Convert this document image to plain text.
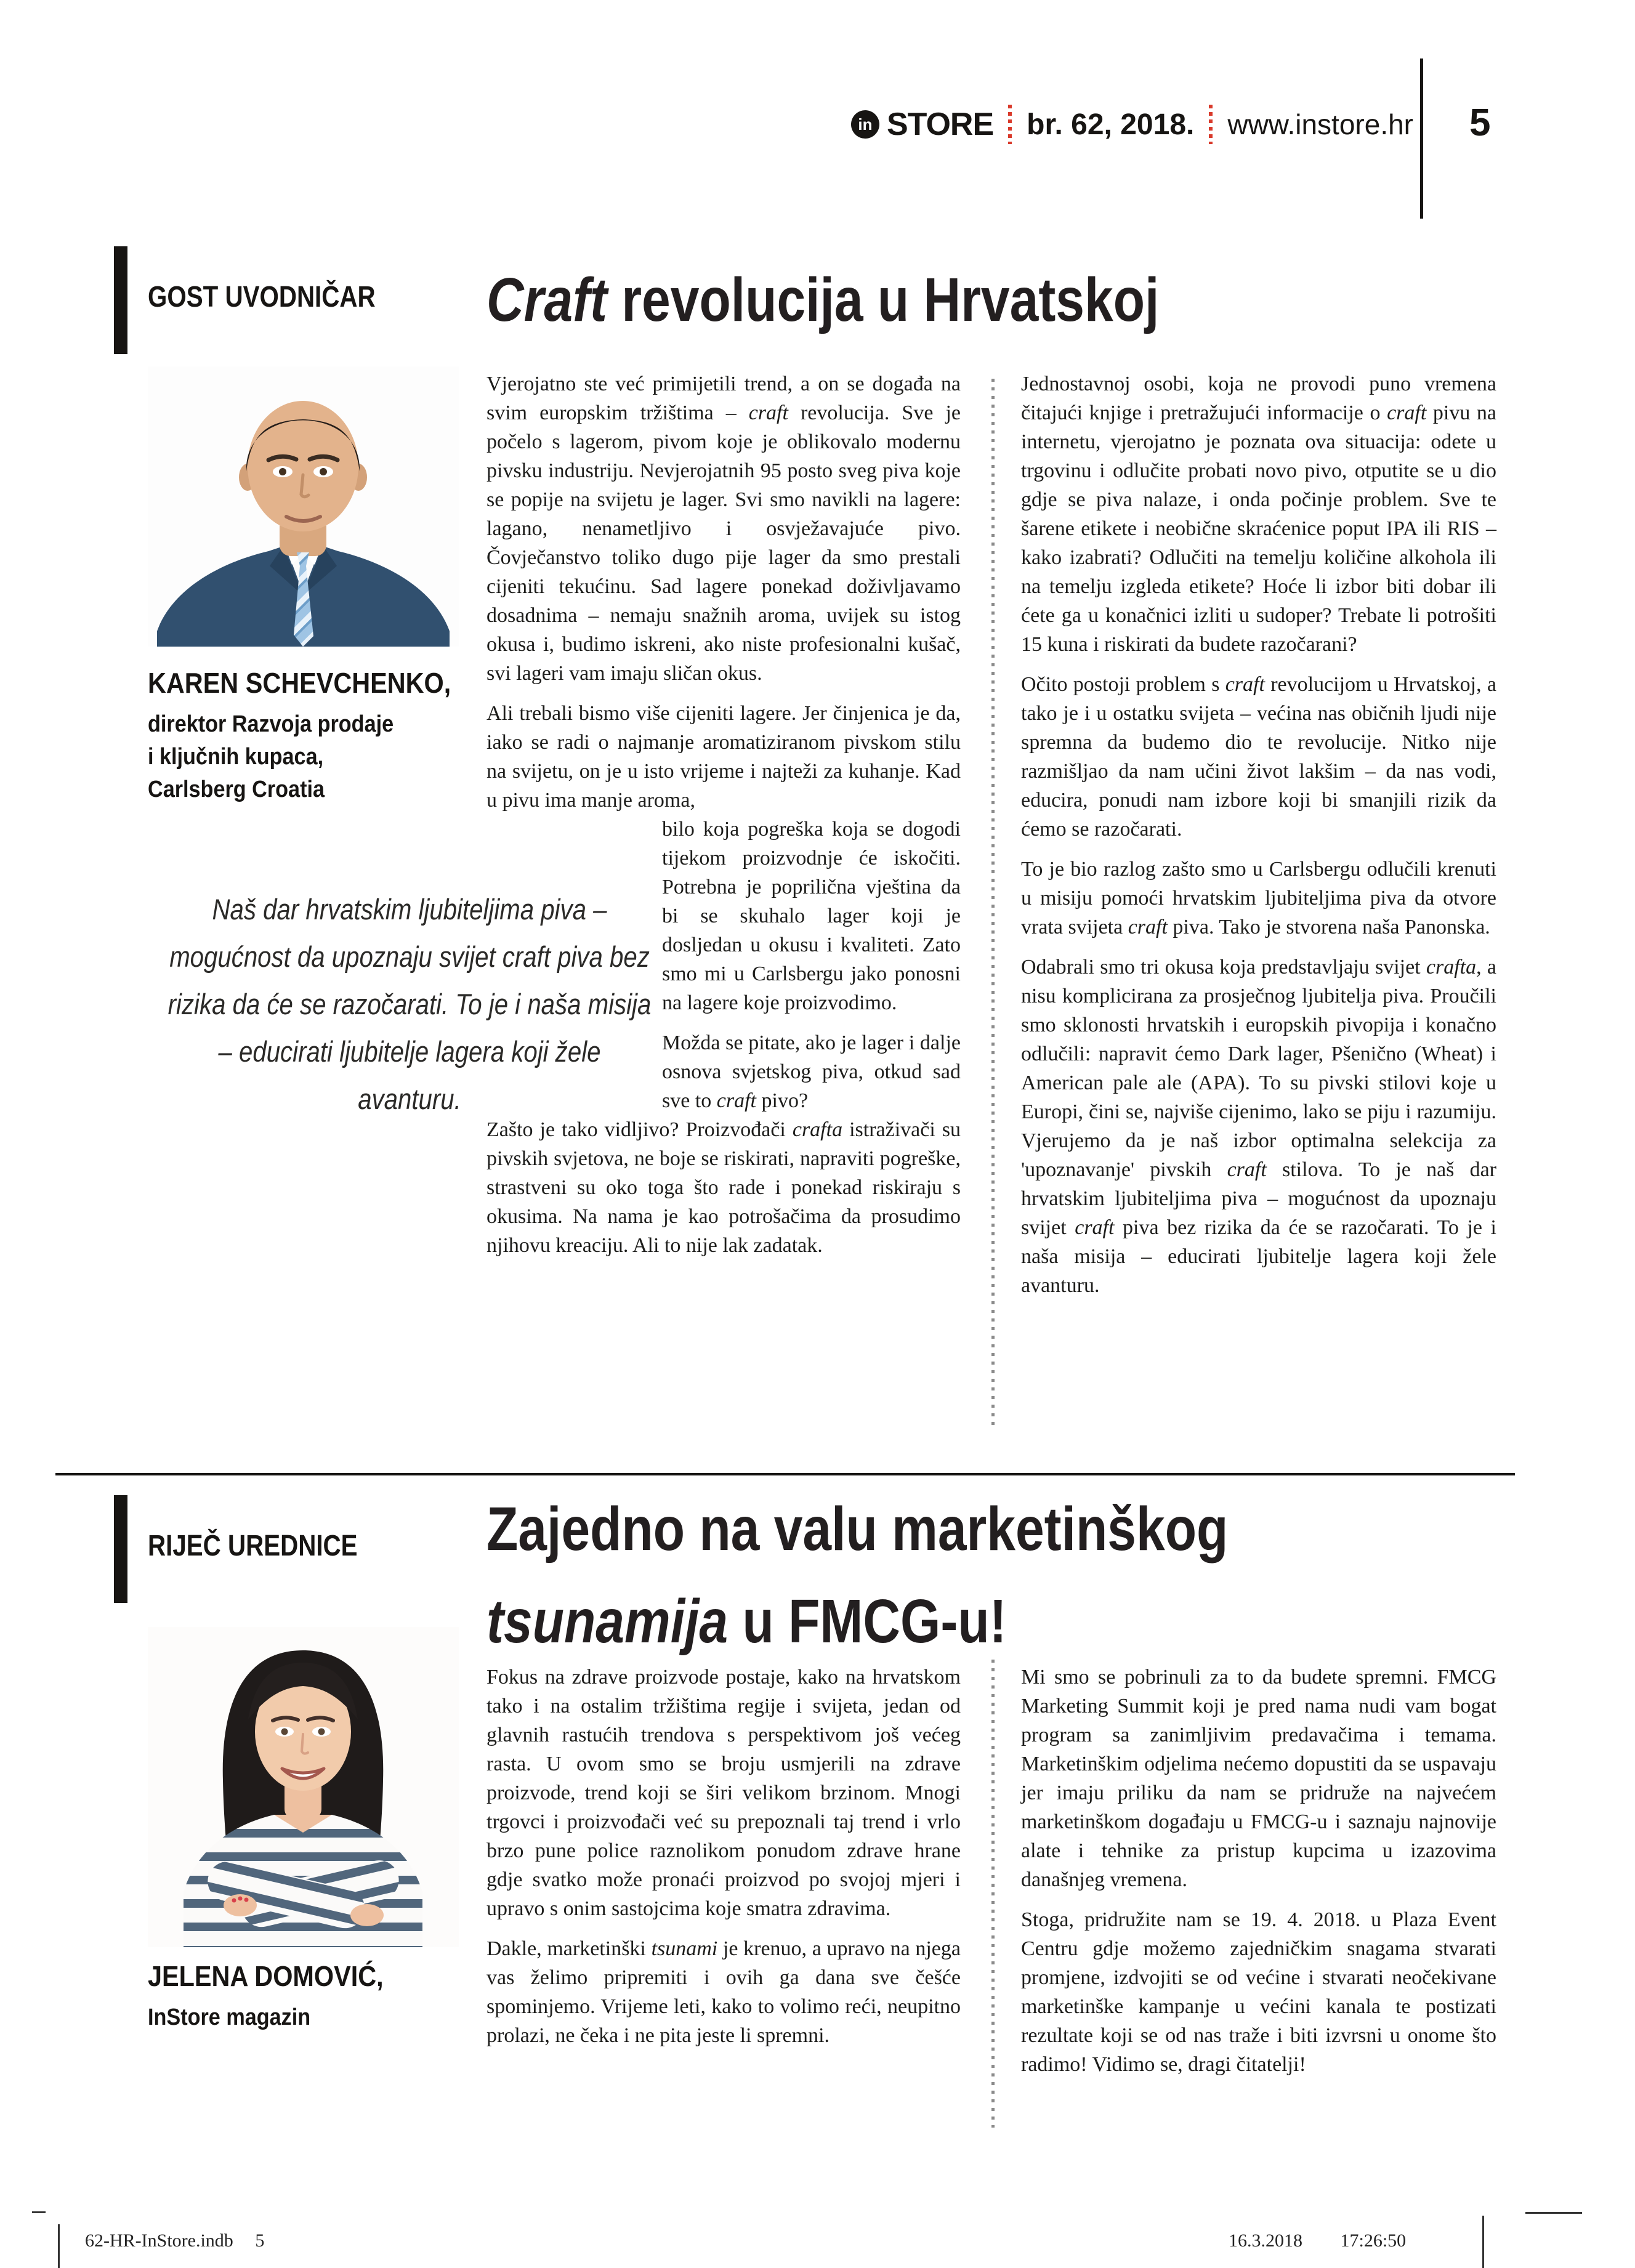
in STORE br. 62, 2018. www.instore.hr 5
GOST UVODNIČAR	Craft revolucija u Hrvatskoj
KAREN SCHEVCHENKO,
direktor Razvoja prodaje
i ključnih kupaca,
Carlsberg Croatia
Naš dar hrvatskim ljubiteljima piva – mogućnost da upoznaju svijet craft piva bez rizika da će se razočarati. To je i naša misija – educirati ljubitelje lagera koji žele avanturu.

Vjerojatno ste već primijetili trend, a on se događa na svim europskim tržištima – craft revolucija. Sve je počelo s lagerom, pivom koje je oblikovalo modernu pivsku industriju. Nevjerojatnih 95 posto sveg piva koje se popije na svijetu je lager. Svi smo navikli na lagere: lagano, nenametljivo i osvježavajuće pivo. Čovječanstvo toliko dugo pije lager da smo prestali cijeniti tekućinu. Sad lagere ponekad doživljavamo dosadnima – nemaju snažnih aroma, uvijek su istog okusa i, budimo iskreni, ako niste profesionalni kušač, svi lageri vam imaju sličan okus.

Ali trebali bismo više cijeniti lagere. Jer činjenica je da, iako se radi o najmanje aromatiziranom pivskom stilu na svijetu, on je u isto vrijeme i najteži za kuhanje. Kad u pivu ima manje aroma,

bilo koja pogreška koja se dogodi tijekom proizvodnje će iskočiti. Potrebna je poprilična vještina da bi se skuhalo lager koji je dosljedan u okusu i kvaliteti. Zato smo mi u Carlsbergu jako ponosni na lagere koje proizvodimo.

Možda se pitate, ako je lager i dalje osnova svjetskog piva, otkud sad sve to craft pivo?

Zašto je tako vidljivo? Proizvođači crafta istraživači su pivskih svjetova, ne boje se riskirati, napraviti pogreške, strastveni su oko toga što rade i ponekad riskiraju s okusima. Na nama je kao potrošačima da prosudimo njihovu kreaciju. Ali to nije lak zadatak.

Jednostavnoj osobi, koja ne provodi puno vremena čitajući knjige i pretražujući informacije o craft pivu na internetu, vjerojatno je poznata ova situacija: odete u trgovinu i odlučite probati novo pivo, otputite se u dio gdje se piva nalaze, i onda počinje problem. Sve te šarene etikete i neobične skraćenice poput IPA ili RIS – kako izabrati? Odlučiti na temelju količine alkohola ili na temelju izgleda etikete? Hoće li izbor biti dobar ili ćete ga u konačnici izliti u sudoper? Trebate li potrošiti 15 kuna i riskirati da budete razočarani?

Očito postoji problem s craft revolucijom u Hrvatskoj, a tako je i u ostatku svijeta – većina nas običnih ljudi nije spremna da budemo dio te revolucije. Nitko nije razmišljao da nam učini život lakšim – da nas vodi, educira, ponudi nam izbore koji bi smanjili rizik da ćemo se razočarati.

To je bio razlog zašto smo u Carlsbergu odlučili krenuti u misiju pomoći hrvatskim ljubiteljima piva da otvore vrata svijeta craft piva. Tako je stvorena naša Panonska.

Odabrali smo tri okusa koja predstavljaju svijet crafta, a nisu komplicirana za prosječnog ljubitelja piva. Proučili smo sklonosti hrvatskih i europskih pivopija i konačno odlučili: napravit ćemo Dark lager, Pšenično (Wheat) i American pale ale (APA). To su pivski stilovi koje u Europi, čini se, najviše cijenimo, lako se piju i razumiju. Vjerujemo da je naš izbor optimalna selekcija za 'upoznavanje' pivskih craft stilova. To je naš dar hrvatskim ljubiteljima piva – mogućnost da upoznaju svijet craft piva bez rizika da će se razočarati. To je i naša misija – educirati ljubitelje lagera koji žele avanturu.

RIJEČ UREDNICE	Zajedno na valu marketinškog
tsunamija u FMCG-u!
JELENA DOMOVIĆ,
InStore magazin

Fokus na zdrave proizvode postaje, kako na hrvatskom tako i na ostalim tržištima regije i svijeta, jedan od glavnih rastućih trendova s perspektivom još većeg rasta. U ovom smo se broju usmjerili na zdrave proizvode, trend koji se širi velikom brzinom. Mnogi trgovci i proizvođači već su prepoznali taj trend i vrlo brzo pune police raznolikom ponudom zdrave hrane gdje svatko može pronaći proizvod po svojoj mjeri i upravo s onim sastojcima koje smatra zdravima.

Dakle, marketinški tsunami je krenuo, a upravo na njega vas želimo pripremiti i ovih ga dana sve češće spominjemo. Vrijeme leti, kako to volimo reći, neupitno prolazi, ne čeka i ne pita jeste li spremni.

Mi smo se pobrinuli za to da budete spremni. FMCG Marketing Summit koji je pred nama nudi vam bogat program sa zanimljivim predavačima i temama. Marketinškim odjelima nećemo dopustiti da se uspavaju jer imaju priliku da nam se pridruže na najvećem marketinškom događaju u FMCG-u i saznaju najnovije alate i tehnike za pristup kupcima u izazovima današnjeg vremena.

Stoga, pridružite nam se 19. 4. 2018. u Plaza Event Centru gdje možemo zajedničkim snagama stvarati promjene, izdvojiti se od većine i stvarati neočekivane marketinške kampanje u većini kanala te postizati rezultate koji se od nas traže i biti izvrsni u onome što radimo! Vidimo se, dragi čitatelji!

62-HR-InStore.indb 5	16.3.2018 17:26:50
